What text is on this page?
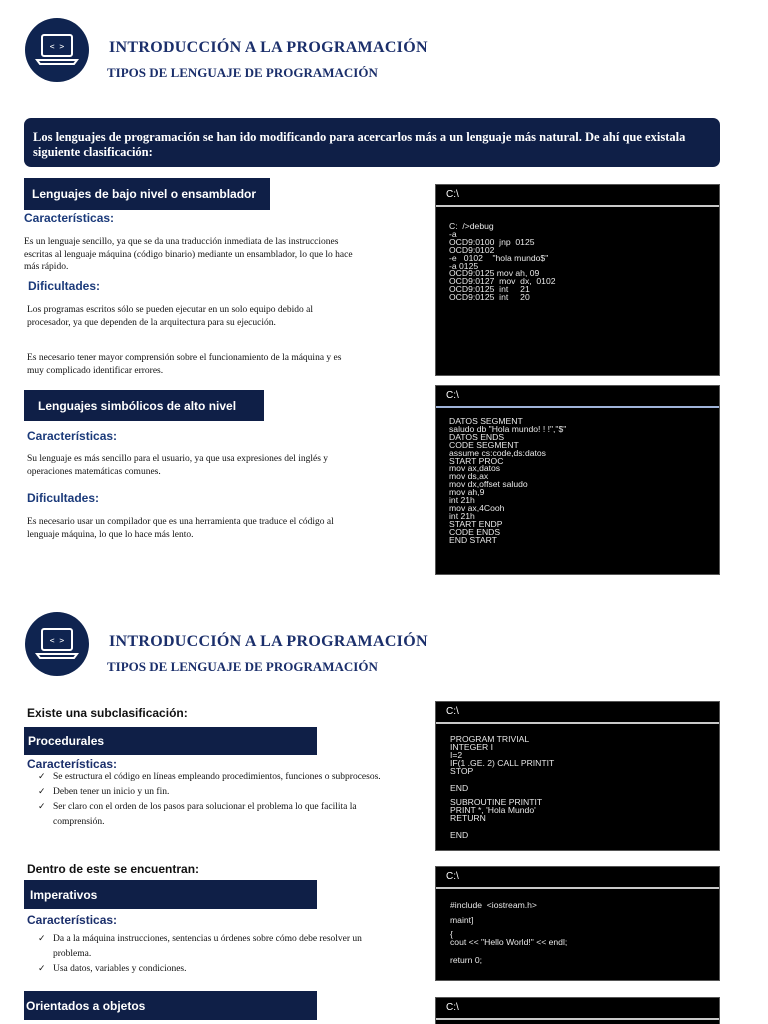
< >	INTRODUCCIÓN A LA PROGRAMACIÓN
TIPOS DE LENGUAJE DE PROGRAMACIÓN
Los lenguajes de programación se han ido modificando para acercarlos más a un lenguaje más natural. De ahí que existala siguiente clasificación:
Lenguajes de bajo nivel o ensamblador
Características:
Es un lenguaje sencillo, ya que se da una traducción inmediata de las instrucciones escritas al lenguaje máquina (código binario) mediante un ensamblador, lo que lo hace más rápido.
Dificultades:
Los programas escritos sólo se pueden ejecutar en un solo equipo debido al procesador, ya que dependen de la arquitectura para su ejecución.
Es necesario tener mayor comprensión sobre el funcionamiento de la máquina y es muy complicado identificar errores.
Lenguajes simbólicos de alto nivel
Características:
Su lenguaje es más sencillo para el usuario, ya que usa expresiones del inglés y operaciones matemáticas comunes.
Dificultades:
Es necesario usar un compilador que es una herramienta que traduce el código al lenguaje máquina, lo que lo hace más lento.
C:\
C:  />debug
-a
OCD9:0100  jnp  0125
OCD9:0102
-e   0102    "hola mundo$"
-a 0125
OCD9:0125 mov ah, 09
OCD9:0127  mov  dx,  0102
OCD9:0125  int     21
OCD9:0125  int     20
C:\
DATOS SEGMENT
saludo db "Hola mundo! ! !","$"
DATOS ENDS
CODE SEGMENT
assume cs:code,ds:datos
START PROC
mov ax,datos
mov ds,ax
mov dx,offset saludo
mov ah,9
int 21h
mov ax,4Cooh
int 21h
START ENDP
CODE ENDS
END START
< >	INTRODUCCIÓN A LA PROGRAMACIÓN
TIPOS DE LENGUAJE DE PROGRAMACIÓN
Existe una subclasificación:
Procedurales
Características:
✓ Se estructura el código en líneas empleando procedimientos, funciones o subprocesos.
✓ Deben tener un inicio y un fin.
✓ Ser claro con el orden de los pasos para solucionar el problema lo que facilita la comprensión.
Dentro de este se encuentran:
Imperativos
Características:
✓ Da a la máquina instrucciones, sentencias u órdenes sobre cómo debe resolver un problema.
✓ Usa datos, variables y condiciones.
Orientados a objetos
C:\
PROGRAM TRIVIAL
INTEGER I
I=2
IF(1 .GE. 2) CALL PRINTIT
STOP
END
SUBROUTINE PRINTIT
PRINT *, 'Hola Mundo'
RETURN
END
C:\
#include  <iostream.h>
maint]
{
cout << "Hello World!" << endl;
return 0;
C:\
